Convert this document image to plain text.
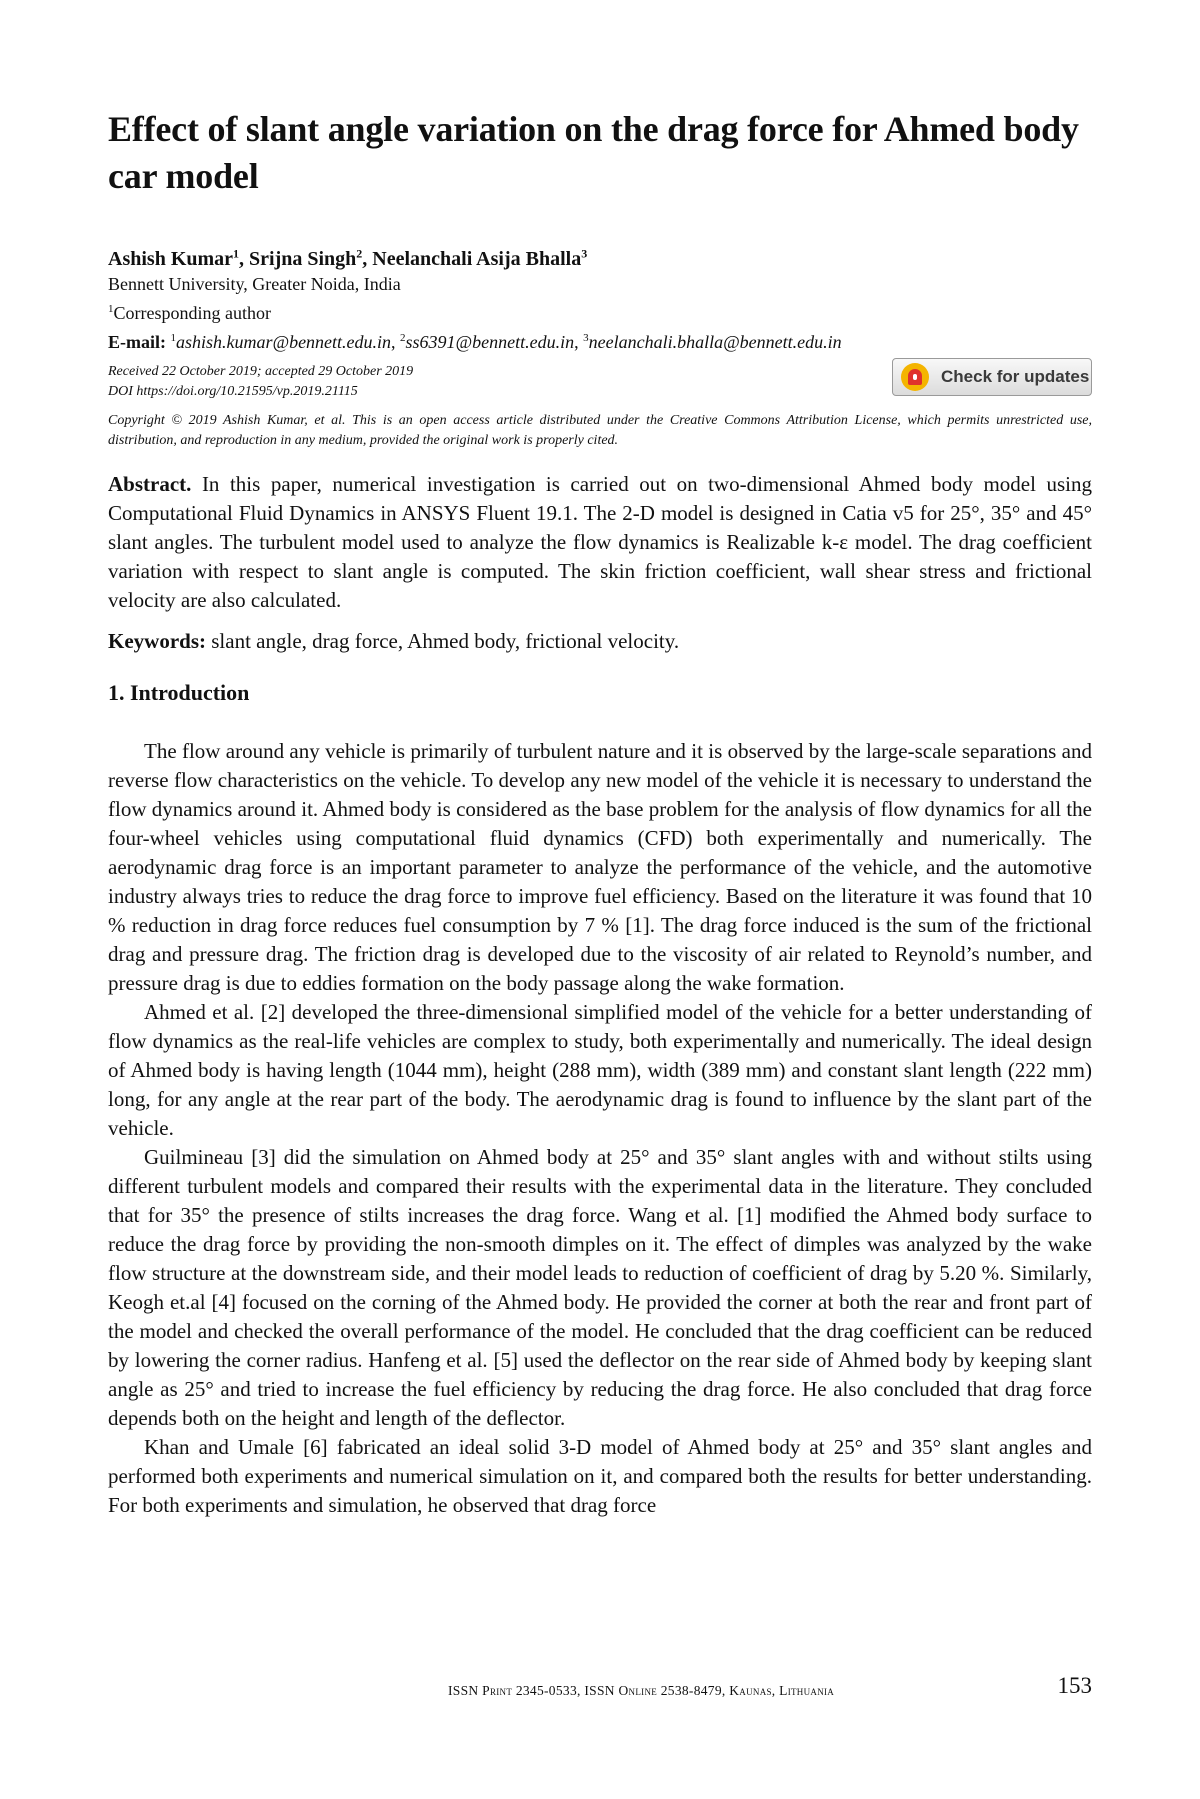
Effect of slant angle variation on the drag force for Ahmed body car model
Ashish Kumar$^1$, Srijna Singh$^2$, Neelanchali Asija Bhalla$^3$
Bennett University, Greater Noida, India
$^1$Corresponding author
E-mail: $^1$ashish.kumar@bennett.edu.in, $^2$ss6391@bennett.edu.in, $^3$neelanchali.bhalla@bennett.edu.in
Received 22 October 2019; accepted 29 October 2019
DOI https://doi.org/10.21595/vp.2019.21115
Check for updates
Copyright © 2019 Ashish Kumar, et al. This is an open access article distributed under the Creative Commons Attribution License, which permits unrestricted use, distribution, and reproduction in any medium, provided the original work is properly cited.
Abstract. In this paper, numerical investigation is carried out on two-dimensional Ahmed body model using Computational Fluid Dynamics in ANSYS Fluent 19.1. The 2-D model is designed in Catia v5 for 25°, 35° and 45° slant angles. The turbulent model used to analyze the flow dynamics is Realizable k-ε model. The drag coefficient variation with respect to slant angle is computed. The skin friction coefficient, wall shear stress and frictional velocity are also calculated.
Keywords: slant angle, drag force, Ahmed body, frictional velocity.
1. Introduction

The flow around any vehicle is primarily of turbulent nature and it is observed by the large-scale separations and reverse flow characteristics on the vehicle. To develop any new model of the vehicle it is necessary to understand the flow dynamics around it. Ahmed body is considered as the base problem for the analysis of flow dynamics for all the four-wheel vehicles using computational fluid dynamics (CFD) both experimentally and numerically. The aerodynamic drag force is an important parameter to analyze the performance of the vehicle, and the automotive industry always tries to reduce the drag force to improve fuel efficiency. Based on the literature it was found that 10 % reduction in drag force reduces fuel consumption by 7 % [1]. The drag force induced is the sum of the frictional drag and pressure drag. The friction drag is developed due to the viscosity of air related to Reynold’s number, and pressure drag is due to eddies formation on the body passage along the wake formation.

Ahmed et al. [2] developed the three-dimensional simplified model of the vehicle for a better understanding of flow dynamics as the real-life vehicles are complex to study, both experimentally and numerically. The ideal design of Ahmed body is having length (1044 mm), height (288 mm), width (389 mm) and constant slant length (222 mm) long, for any angle at the rear part of the body. The aerodynamic drag is found to influence by the slant part of the vehicle.

Guilmineau [3] did the simulation on Ahmed body at 25° and 35° slant angles with and without stilts using different turbulent models and compared their results with the experimental data in the literature. They concluded that for 35° the presence of stilts increases the drag force. Wang et al. [1] modified the Ahmed body surface to reduce the drag force by providing the non-smooth dimples on it. The effect of dimples was analyzed by the wake flow structure at the downstream side, and their model leads to reduction of coefficient of drag by 5.20 %. Similarly, Keogh et.al [4] focused on the corning of the Ahmed body. He provided the corner at both the rear and front part of the model and checked the overall performance of the model. He concluded that the drag coefficient can be reduced by lowering the corner radius. Hanfeng et al. [5] used the deflector on the rear side of Ahmed body by keeping slant angle as 25° and tried to increase the fuel efficiency by reducing the drag force. He also concluded that drag force depends both on the height and length of the deflector.

Khan and Umale [6] fabricated an ideal solid 3-D model of Ahmed body at 25° and 35° slant angles and performed both experiments and numerical simulation on it, and compared both the results for better understanding. For both experiments and simulation, he observed that drag force

ISSN Print 2345-0533, ISSN Online 2538-8479, Kaunas, Lithuania	153
